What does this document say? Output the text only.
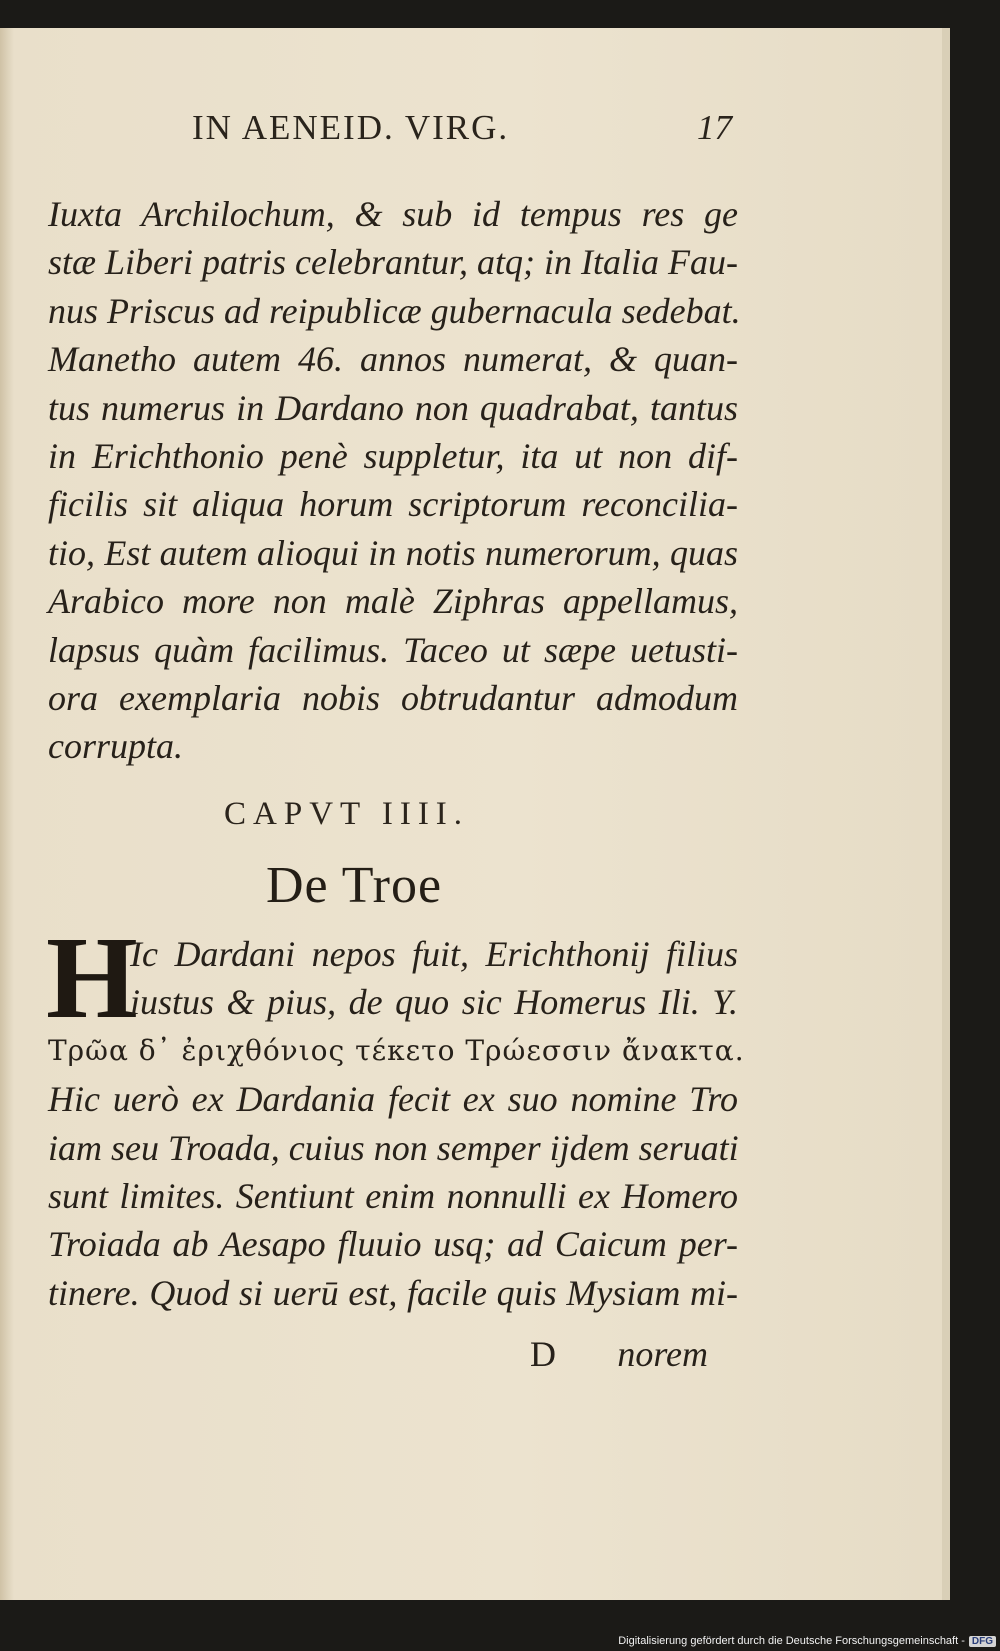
IN AENEID. VIRG.	17
Iuxta Archilochum, & sub id tempus res ge
stæ Liberi patris celebrantur, atq; in Italia Fau-
nus Priscus ad reipublicæ gubernacula sedebat.
Manetho autem 46. annos numerat, & quan-
tus numerus in Dardano non quadrabat, tantus
in Erichthonio penè suppletur, ita ut non dif-
ficilis sit aliqua horum scriptorum reconcilia-
tio, Est autem alioqui in notis numerorum, quas
Arabico more non malè Ziphras appellamus,
lapsus quàm facilimus. Taceo ut sæpe uetusti-
ora exemplaria nobis obtrudantur admodum
corrupta.
CAPVT IIII.
De Troe
H
Ic Dardani nepos fuit, Erichthonij filius
iustus & pius, de quo sic Homerus Ili. Y.
Τρῶα δ᾽ ἐριχθόνιος τέκετο Τρώεσσιν ἄνακτα.
Hic uerò ex Dardania fecit ex suo nomine Tro
iam seu Troada, cuius non semper ijdem seruati
sunt limites. Sentiunt enim nonnulli ex Homero
Troiada ab Aesapo fluuio usq; ad Caicum per-
tinere. Quod si uerū est, facile quis Mysiam mi-
D norem
Digitalisierung gefördert durch die Deutsche Forschungsgemeinschaft - DFG
